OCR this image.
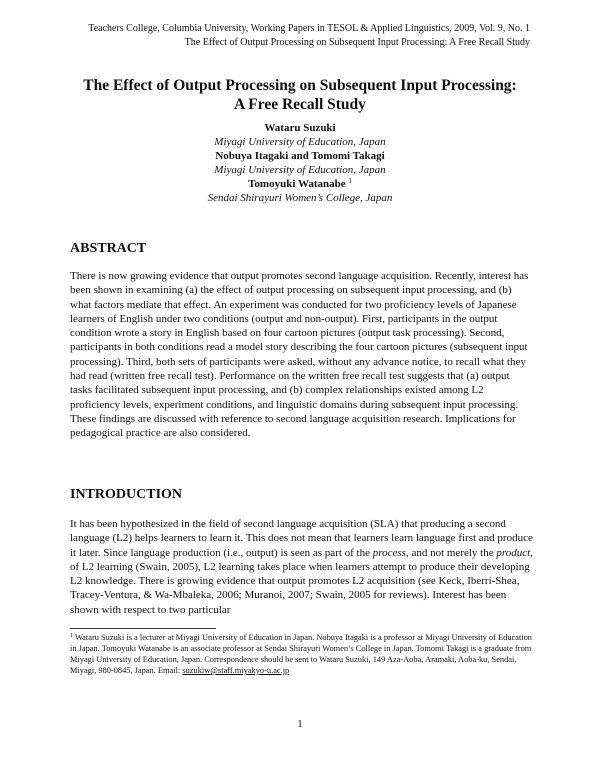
Teachers College, Columbia University, Working Papers in TESOL & Applied Linguistics, 2009, Vol. 9, No. 1
The Effect of Output Processing on Subsequent Input Processing: A Free Recall Study
The Effect of Output Processing on Subsequent Input Processing:
A Free Recall Study
Wataru Suzuki
Miyagi University of Education, Japan
Nobuya Itagaki and Tomomi Takagi
Miyagi University of Education, Japan
Tomoyuki Watanabe $^1$
Sendai Shirayuri Women’s College, Japan
ABSTRACT
There is now growing evidence that output promotes second language acquisition. Recently, interest has been shown in examining (a) the effect of output processing on subsequent input processing, and (b) what factors mediate that effect. An experiment was conducted for two proficiency levels of Japanese learners of English under two conditions (output and non-output). First, participants in the output condition wrote a story in English based on four cartoon pictures (output task processing). Second, participants in both conditions read a model story describing the four cartoon pictures (subsequent input processing). Third, both sets of participants were asked, without any advance notice, to recall what they had read (written free recall test). Performance on the written free recall test suggests that (a) output tasks facilitated subsequent input processing, and (b) complex relationships existed among L2 proficiency levels, experiment conditions, and linguistic domains during subsequent input processing. These findings are discussed with reference to second language acquisition research. Implications for pedagogical practice are also considered.
INTRODUCTION
It has been hypothesized in the field of second language acquisition (SLA) that producing a second language (L2) helps learners to learn it. This does not mean that learners learn language first and produce it later. Since language production (i.e., output) is seen as part of the process, and not merely the product, of L2 learning (Swain, 2005), L2 learning takes place when learners attempt to produce their developing L2 knowledge. There is growing evidence that output promotes L2 acquisition (see Keck, Iberri-Shea, Tracey-Ventura, & Wa-Mbaleka, 2006; Muranoi, 2007; Swain, 2005 for reviews). Interest has been shown with respect to two particular
$^1$ Wataru Suzuki is a lecturer at Miyagi University of Education in Japan. Nobuya Itagaki is a professor at Miyagi University of Education in Japan. Tomoyuki Watanabe is an associate professor at Sendai Shirayuri Women’s College in Japan. Tomomi Takagi is a graduate from Miyagi University of Education, Japan. Correspondence should be sent to Wataru Suzuki, 149 Aza-Aoba, Aramaki, Aoba-ku, Sendai, Miyagi, 980-0845, Japan. Email: suzukiw@staff.miyakyo-u.ac.jp
1
